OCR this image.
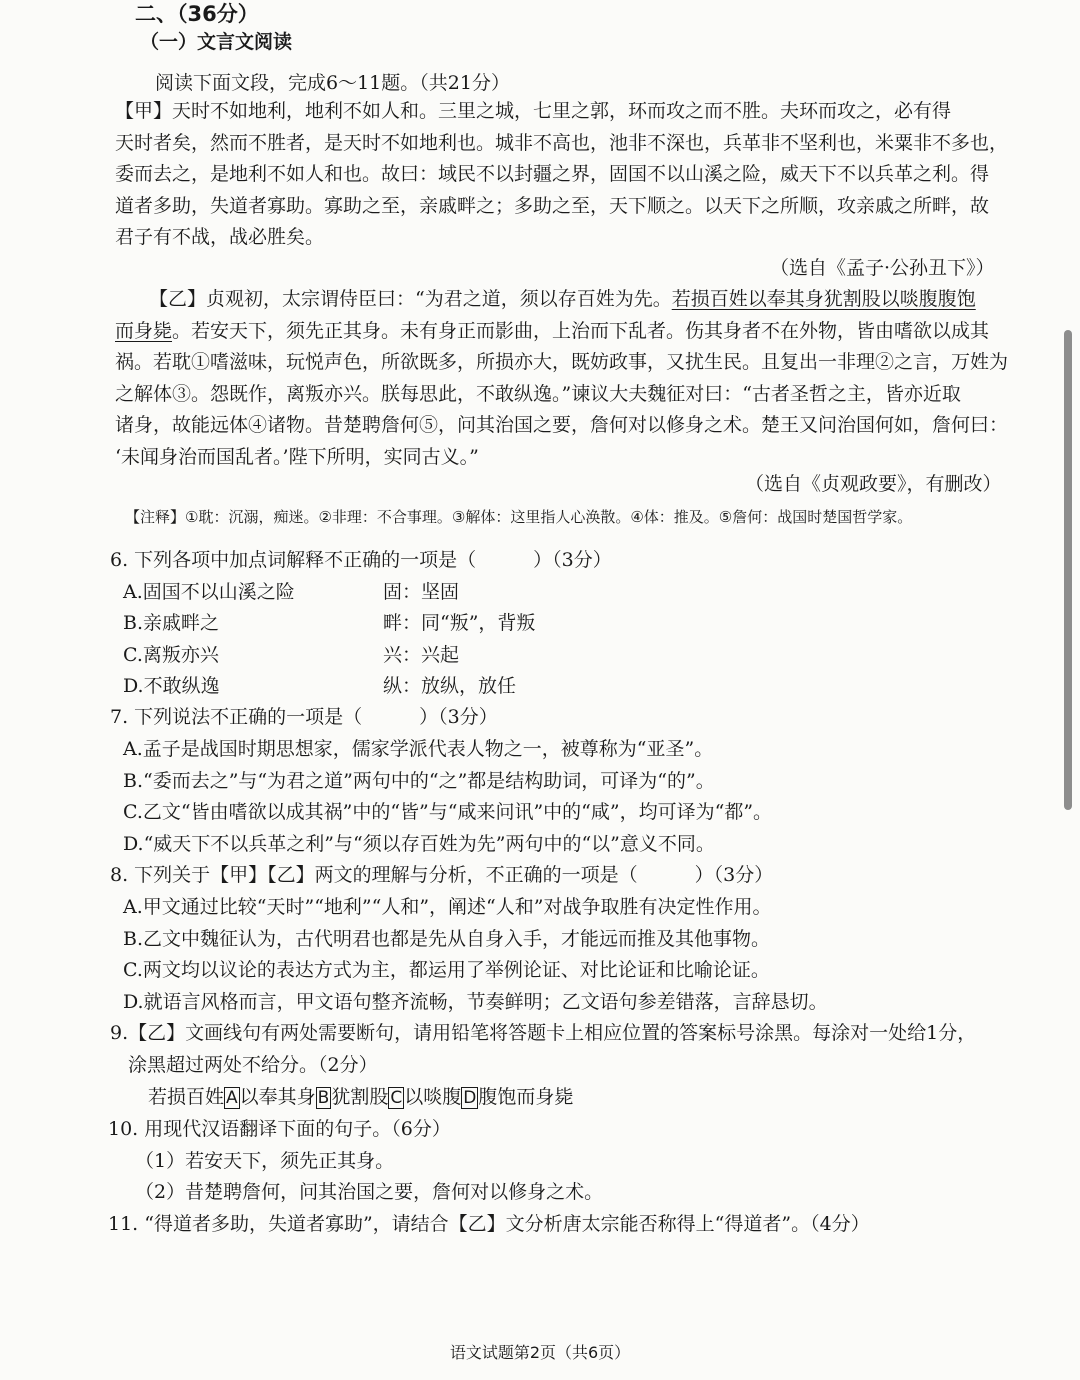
二、（36分）
（一）文言文阅读
阅读下面文段，完成6～11题。（共21分）
【甲】天时不如地利，地利不如人和。三里之城，七里之郭，环而攻之而不胜。夫环而攻之，必有得
天时者矣，然而不胜者，是天时不如地利也。城非不高也，池非不深也，兵革非不坚利也，米粟非不多也，
委而去之，是地利不如人和也。故曰：域民不以封疆之界，固国不以山溪之险，威天下不以兵革之利。得
道者多助，失道者寡助。寡助之至，亲戚畔之；多助之至，天下顺之。以天下之所顺，攻亲戚之所畔，故
君子有不战，战必胜矣。
（选自《孟子·公孙丑下》）
【乙】贞观初，太宗谓侍臣曰：“为君之道，须以存百姓为先。若损百姓以奉其身犹割股以啖腹腹饱
而身毙。若安天下，须先正其身。未有身正而影曲，上治而下乱者。伤其身者不在外物，皆由嗜欲以成其
祸。若耽①嗜滋味，玩悦声色，所欲既多，所损亦大，既妨政事，又扰生民。且复出一非理②之言，万姓为
之解体③。怨既作，离叛亦兴。朕每思此，不敢纵逸。”谏议大夫魏征对曰：“古者圣哲之主，皆亦近取
诸身，故能远体④诸物。昔楚聘詹何⑤，问其治国之要，詹何对以修身之术。楚王又问治国何如，詹何曰：
‘未闻身治而国乱者。’陛下所明，实同古义。”
（选自《贞观政要》，有删改）
【注释】①耽：沉溺，痴迷。②非理：不合事理。③解体：这里指人心涣散。④体：推及。⑤詹何：战国时楚国哲学家。
6. 下列各项中加点词解释不正确的一项是（　　　）（3分）
A.固国不以山溪之险	固：坚固
B.亲戚畔之	畔：同“叛”，背叛
C.离叛亦兴	兴：兴起
D.不敢纵逸	纵：放纵，放任
7. 下列说法不正确的一项是（　　　）（3分）
A.孟子是战国时期思想家，儒家学派代表人物之一，被尊称为“亚圣”。
B.“委而去之”与“为君之道”两句中的“之”都是结构助词，可译为“的”。
C.乙文“皆由嗜欲以成其祸”中的“皆”与“咸来问讯”中的“咸”，均可译为“都”。
D.“威天下不以兵革之利”与“须以存百姓为先”两句中的“以”意义不同。
8. 下列关于【甲】【乙】两文的理解与分析，不正确的一项是（　　　）（3分）
A.甲文通过比较“天时”“地利”“人和”，阐述“人和”对战争取胜有决定性作用。
B.乙文中魏征认为，古代明君也都是先从自身入手，才能远而推及其他事物。
C.两文均以议论的表达方式为主，都运用了举例论证、对比论证和比喻论证。
D.就语言风格而言，甲文语句整齐流畅，节奏鲜明；乙文语句参差错落，言辞恳切。
9.【乙】文画线句有两处需要断句，请用铅笔将答题卡上相应位置的答案标号涂黑。每涂对一处给1分，
涂黑超过两处不给分。（2分）
若损百姓 A 以奉其身 B 犹割股 C 以啖腹 D 腹饱而身毙
10. 用现代汉语翻译下面的句子。（6分）
（1）若安天下，须先正其身。
（2）昔楚聘詹何，问其治国之要，詹何对以修身之术。
11. “得道者多助，失道者寡助”，请结合【乙】文分析唐太宗能否称得上“得道者”。（4分）
语文试题第2页（共6页）
